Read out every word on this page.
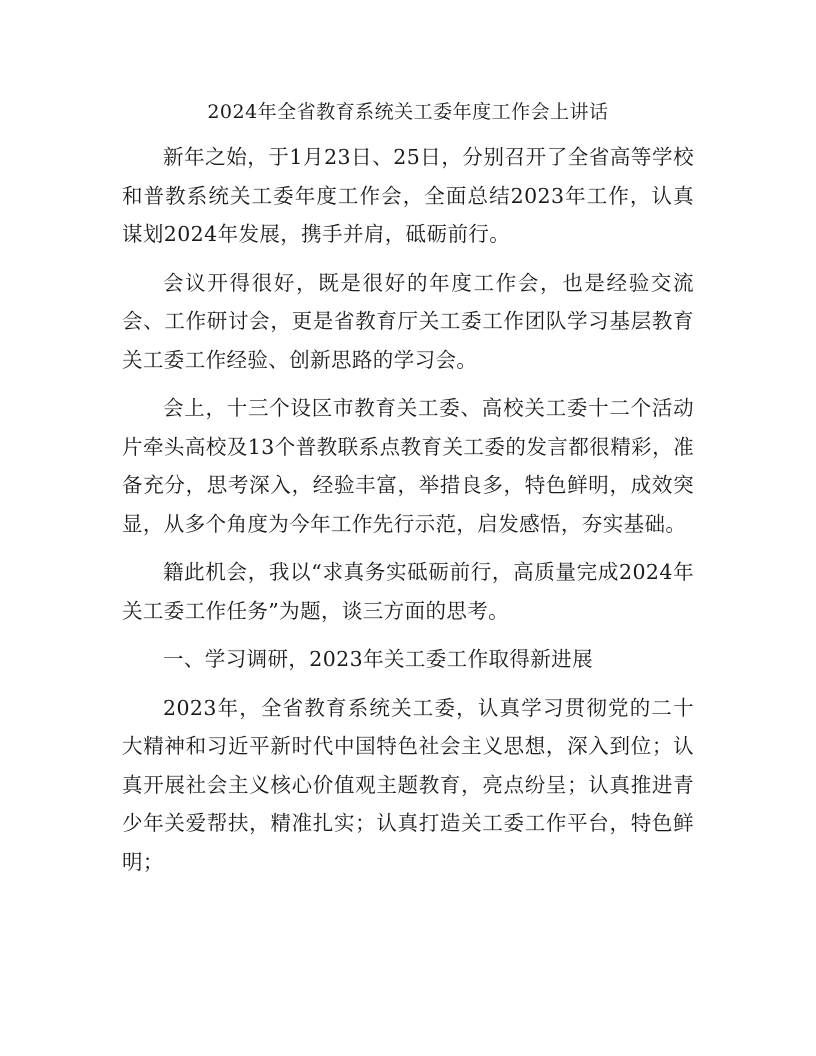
2024年全省教育系统关工委年度工作会上讲话

新年之始，于1月23日、25日，分别召开了全省高等学校和普教系统关工委年度工作会，全面总结2023年工作，认真谋划2024年发展，携手并肩，砥砺前行。

会议开得很好，既是很好的年度工作会，也是经验交流会、工作研讨会，更是省教育厅关工委工作团队学习基层教育关工委工作经验、创新思路的学习会。

会上，十三个设区市教育关工委、高校关工委十二个活动片牵头高校及13个普教联系点教育关工委的发言都很精彩，准备充分，思考深入，经验丰富，举措良多，特色鲜明，成效突显，从多个角度为今年工作先行示范，启发感悟，夯实基础。

籍此机会，我以“求真务实砥砺前行，高质量完成2024年关工委工作任务”为题，谈三方面的思考。

一、学习调研，2023年关工委工作取得新进展

2023年，全省教育系统关工委，认真学习贯彻党的二十大精神和习近平新时代中国特色社会主义思想，深入到位；认真开展社会主义核心价值观主题教育，亮点纷呈；认真推进青少年关爱帮扶，精准扎实；认真打造关工委工作平台，特色鲜明；
